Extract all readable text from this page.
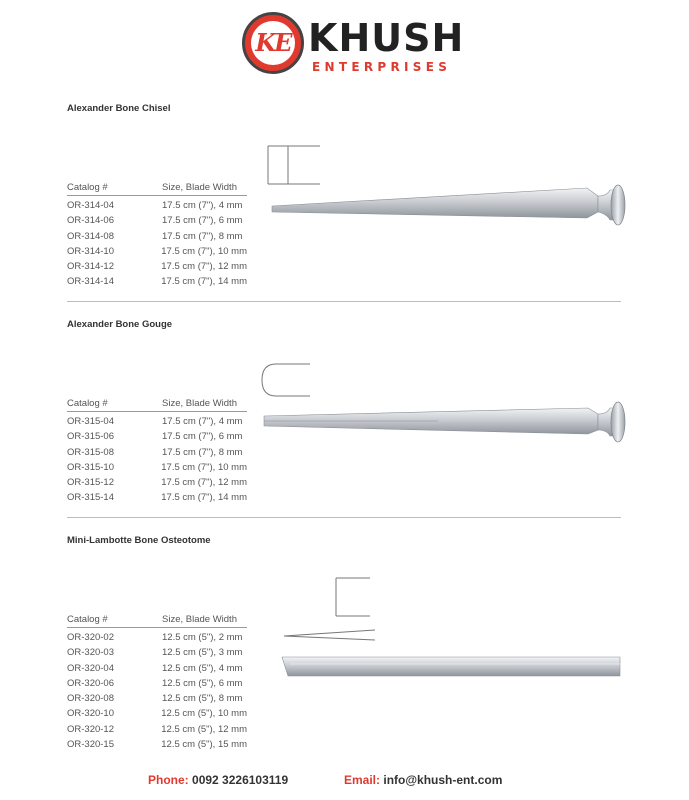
KE KHUSH
ENTERPRISES
Alexander Bone Chisel
Catalog #	Size, Blade Width
OR-314-04	17.5 cm (7"), 4 mm
OR-314-06	17.5 cm (7"), 6 mm
OR-314-08	17.5 cm (7"), 8 mm
OR-314-10	17.5 cm (7"), 10 mm
OR-314-12	17.5 cm (7"), 12 mm
OR-314-14	17.5 cm (7"), 14 mm
Alexander Bone Gouge
Catalog #	Size, Blade Width
OR-315-04	17.5 cm (7"), 4 mm
OR-315-06	17.5 cm (7"), 6 mm
OR-315-08	17.5 cm (7"), 8 mm
OR-315-10	17.5 cm (7"), 10 mm
OR-315-12	17.5 cm (7"), 12 mm
OR-315-14	17.5 cm (7"), 14 mm
Mini-Lambotte Bone Osteotome
Catalog #	Size, Blade Width
OR-320-02	12.5 cm (5"), 2 mm
OR-320-03	12.5 cm (5"), 3 mm
OR-320-04	12.5 cm (5"), 4 mm
OR-320-06	12.5 cm (5"), 6 mm
OR-320-08	12.5 cm (5"), 8 mm
OR-320-10	12.5 cm (5"), 10 mm
OR-320-12	12.5 cm (5"), 12 mm
OR-320-15	12.5 cm (5"), 15 mm
Phone: 0092 3226103119	Email: info@khush-ent.com
